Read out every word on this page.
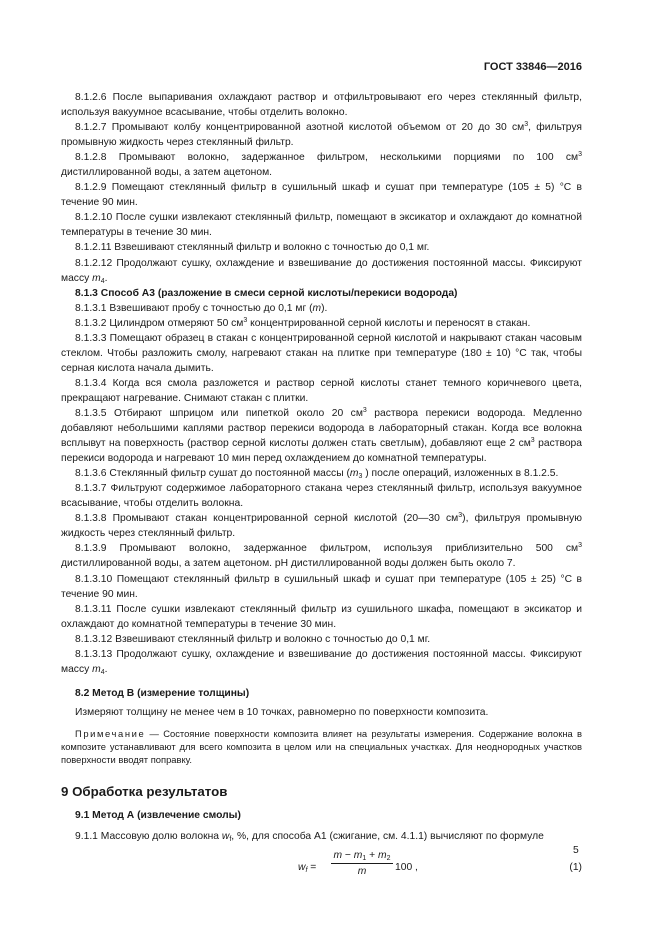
ГОСТ 33846—2016

8.1.2.6 После выпаривания охлаждают раствор и отфильтровывают его через стеклянный фильтр, используя вакуумное всасывание, чтобы отделить волокно.

8.1.2.7 Промывают колбу концентрированной азотной кислотой объемом от 20 до 30 $см^3$, фильтруя промывную жидкость через стеклянный фильтр.

8.1.2.8 Промывают волокно, задержанное фильтром, несколькими порциями по 100 $см^3$ дистиллированной воды, а затем ацетоном.

8.1.2.9 Помещают стеклянный фильтр в сушильный шкаф и сушат при температуре (105 ± 5) °С в течение 90 мин.

8.1.2.10 После сушки извлекают стеклянный фильтр, помещают в эксикатор и охлаждают до комнатной температуры в течение 30 мин.

8.1.2.11 Взвешивают стеклянный фильтр и волокно с точностью до 0,1 мг.

8.1.2.12 Продолжают сушку, охлаждение и взвешивание до достижения постоянной массы. Фиксируют массу $m_4$.

8.1.3 Способ А3 (разложение в смеси серной кислоты/перекиси водорода)

8.1.3.1 Взвешивают пробу с точностью до 0,1 мг (m).

8.1.3.2 Цилиндром отмеряют 50 $см^3$ концентрированной серной кислоты и переносят в стакан.

8.1.3.3 Помещают образец в стакан с концентрированной серной кислотой и накрывают стакан часовым стеклом. Чтобы разложить смолу, нагревают стакан на плитке при температуре (180 ± 10) °С так, чтобы серная кислота начала дымить.

8.1.3.4 Когда вся смола разложется и раствор серной кислоты станет темного коричневого цвета, прекращают нагревание. Снимают стакан с плитки.

8.1.3.5 Отбирают шприцом или пипеткой около 20 $см^3$ раствора перекиси водорода. Медленно добавляют небольшими каплями раствор перекиси водорода в лабораторный стакан. Когда все волокна всплывут на поверхность (раствор серной кислоты должен стать светлым), добавляют еще 2 $см^3$ раствора перекиси водорода и нагревают 10 мин перед охлаждением до комнатной температуры.

8.1.3.6 Стеклянный фильтр сушат до постоянной массы ($m_3$ ) после операций, изложенных в 8.1.2.5.

8.1.3.7 Фильтруют содержимое лабораторного стакана через стеклянный фильтр, используя вакуумное всасывание, чтобы отделить волокна.

8.1.3.8 Промывают стакан концентрированной серной кислотой (20—30 $см^3$), фильтруя промывную жидкость через стеклянный фильтр.

8.1.3.9 Промывают волокно, задержанное фильтром, используя приблизительно 500 $см^3$ дистиллированной воды, а затем ацетоном. рН дистиллированной воды должен быть около 7.

8.1.3.10 Помещают стеклянный фильтр в сушильный шкаф и сушат при температуре (105 ± 25) °С в течение 90 мин.

8.1.3.11 После сушки извлекают стеклянный фильтр из сушильного шкафа, помещают в эксикатор и охлаждают до комнатной температуры в течение 30 мин.

8.1.3.12 Взвешивают стеклянный фильтр и волокно с точностью до 0,1 мг.

8.1.3.13 Продолжают сушку, охлаждение и взвешивание до достижения постоянной массы. Фиксируют массу $m_4$.

8.2 Метод В (измерение толщины)

Измеряют толщину не менее чем в 10 точках, равномерно по поверхности композита.

Примечание — Состояние поверхности композита влияет на результаты измерения. Содержание волокна в композите устанавливают для всего композита в целом или на специальных участках. Для неоднородных участков поверхности вводят поправку.

9 Обработка результатов

9.1 Метод А (извлечение смолы)

9.1.1 Массовую долю волокна $w_f$, %, для способа А1 (сжигание, см. 4.1.1) вычисляют по формуле

$w_f$ =
$m - m_1 + m_2$
m	100 ,	(1)
5
